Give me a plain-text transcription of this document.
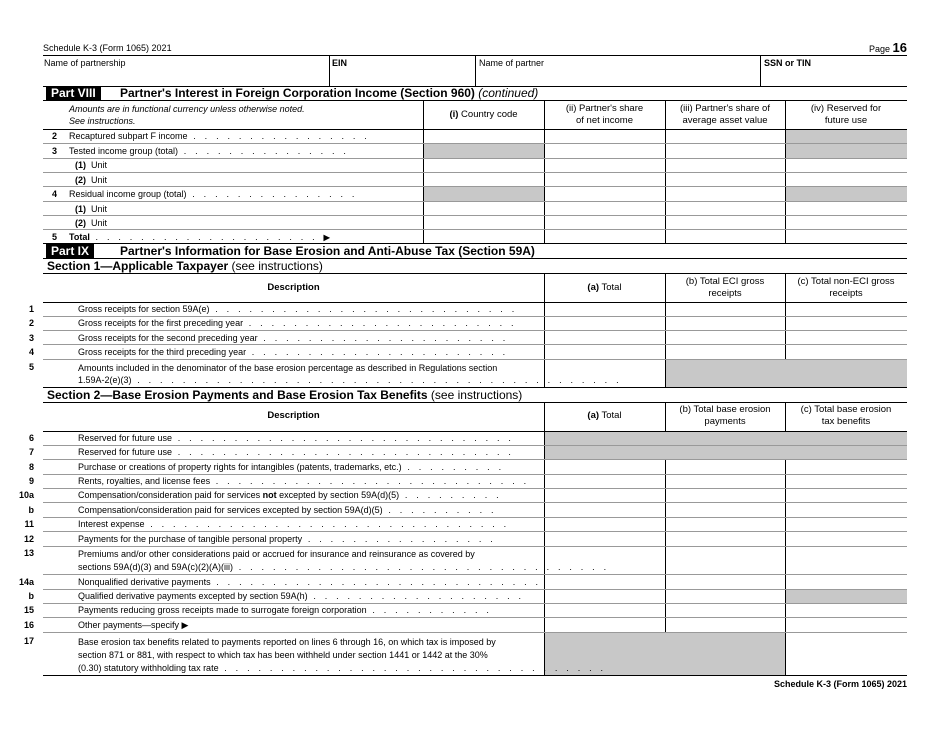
Schedule K-3 (Form 1065) 2021	Page 16
Name of partnership	EIN	Name of partner	SSN or TIN
Part VIII	Partner's Interest in Foreign Corporation Income (Section 960) (continued)
Amounts are in functional currency unless otherwise noted.
See instructions.
(i) Country code
(ii) Partner's share
of net income
(iii) Partner's share of
average asset value
(iv) Reserved for
future use
2 Recaptured subpart F income . . . . . . . . . . . . . . . .
3 Tested income group (total) . . . . . . . . . . . . . . .
(1) Unit
(2) Unit
4 Residual income group (total) . . . . . . . . . . . . . . .
(1) Unit
(2) Unit
5 Total . . . . . . . . . . . . . . . . . . . . ▶
Part IX	Partner's Information for Base Erosion and Anti-Abuse Tax (Section 59A)
Section 1—Applicable Taxpayer (see instructions)
Description	(a) Total
(b) Total ECI gross
receipts
(c) Total non-ECI gross
receipts
1	Gross receipts for section 59A(e) . . . . . . . . . . . . . . . . . . . . . . . . . . .
2	Gross receipts for the first preceding year . . . . . . . . . . . . . . . . . . . . . . . .
3	Gross receipts for the second preceding year . . . . . . . . . . . . . . . . . . . . . .
4	Gross receipts for the third preceding year . . . . . . . . . . . . . . . . . . . . . . .
5	Amounts included in the denominator of the base erosion percentage as described in Regulations section
1.59A-2(e)(3) . . . . . . . . . . . . . . . . . . . . . . . . . . . . . . . . . . . . . . . . . . .
Section 2—Base Erosion Payments and Base Erosion Tax Benefits (see instructions)
Description	(a) Total
(b) Total base erosion
payments
(c) Total base erosion
tax benefits
6	Reserved for future use . . . . . . . . . . . . . . . . . . . . . . . . . . . . . .
7	Reserved for future use . . . . . . . . . . . . . . . . . . . . . . . . . . . . . .
8	Purchase or creations of property rights for intangibles (patents, trademarks, etc.) . . . . . . . . .
9	Rents, royalties, and license fees . . . . . . . . . . . . . . . . . . . . . . . . . . . .
10a	Compensation/consideration paid for services not excepted by section 59A(d)(5) . . . . . . . . .
b	Compensation/consideration paid for services excepted by section 59A(d)(5) . . . . . . . . . .
11	Interest expense . . . . . . . . . . . . . . . . . . . . . . . . . . . . . . . .
12	Payments for the purchase of tangible personal property . . . . . . . . . . . . . . . . .
13	Premiums and/or other considerations paid or accrued for insurance and reinsurance as covered by
sections 59A(d)(3) and 59A(c)(2)(A)(iii) . . . . . . . . . . . . . . . . . . . . . . . . . . . . . . . . .
14a	Nonqualified derivative payments . . . . . . . . . . . . . . . . . . . . . . . . . . . . .
b	Qualified derivative payments excepted by section 59A(h) . . . . . . . . . . . . . . . . . . .
15	Payments reducing gross receipts made to surrogate foreign corporation . . . . . . . . . . .
16	Other payments—specify ▶
17	Base erosion tax benefits related to payments reported on lines 6 through 16, on which tax is imposed by
section 871 or 881, with respect to which tax has been withheld under section 1441 or 1442 at the 30%
(0.30) statutory withholding tax rate . . . . . . . . . . . . . . . . . . . . . . . . . . . . . . . . . .
Schedule K-3 (Form 1065) 2021
